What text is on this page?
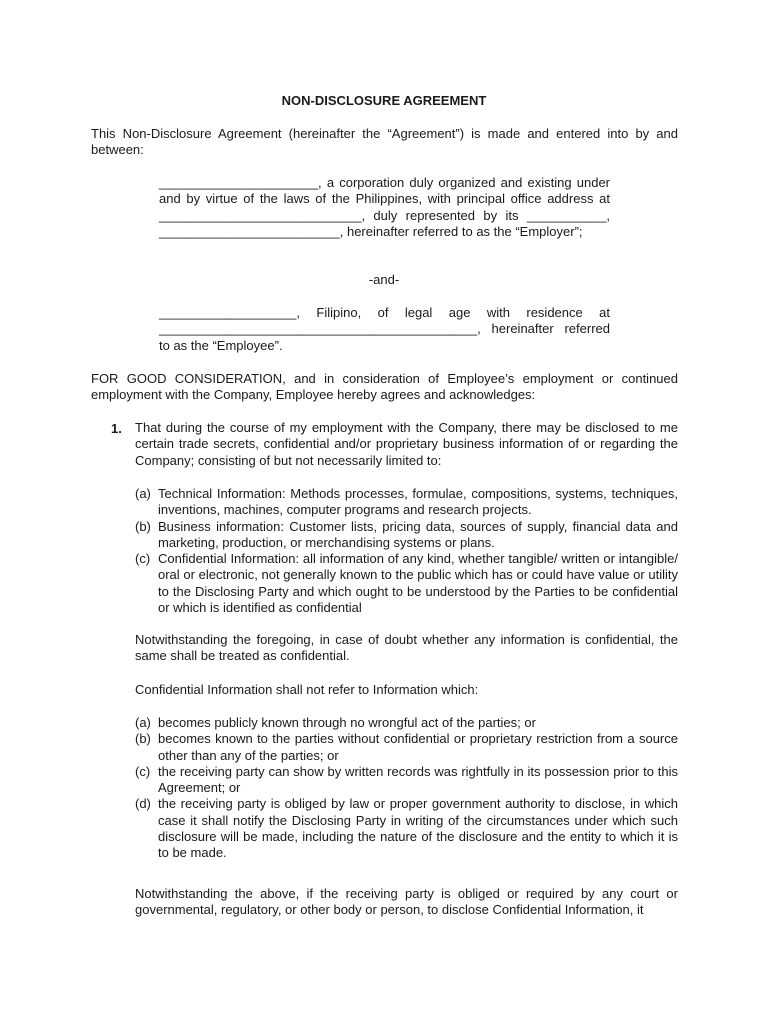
NON-DISCLOSURE AGREEMENT

This Non-Disclosure Agreement (hereinafter the “Agreement”) is made and entered into by and between:

______________________, a corporation duly organized and existing under and by virtue of the laws of the Philippines, with principal office address at ____________________________, duly represented by its ___________, _________________________, hereinafter referred to as the “Employer”;

-and-

___________________, Filipino, of legal age with residence at ____________________________________________, hereinafter referred to as the “Employee”.

FOR GOOD CONSIDERATION, and in consideration of Employee’s employment or continued employment with the Company, Employee hereby agrees and acknowledges:

1. That during the course of my employment with the Company, there may be disclosed to me certain trade secrets, confidential and/or proprietary business information of or regarding the Company; consisting of but not necessarily limited to:

(a) Technical Information: Methods processes, formulae, compositions, systems, techniques, inventions, machines, computer programs and research projects.
(b) Business information: Customer lists, pricing data, sources of supply, financial data and marketing, production, or merchandising systems or plans.
(c) Confidential Information: all information of any kind, whether tangible/ written or intangible/ oral or electronic, not generally known to the public which has or could have value or utility to the Disclosing Party and which ought to be understood by the Parties to be confidential or which is identified as confidential

Notwithstanding the foregoing, in case of doubt whether any information is confidential, the same shall be treated as confidential.

Confidential Information shall not refer to Information which:

(a) becomes publicly known through no wrongful act of the parties; or
(b) becomes known to the parties without confidential or proprietary restriction from a source other than any of the parties; or
(c) the receiving party can show by written records was rightfully in its possession prior to this Agreement; or
(d) the receiving party is obliged by law or proper government authority to disclose, in which case it shall notify the Disclosing Party in writing of the circumstances under which such disclosure will be made, including the nature of the disclosure and the entity to which it is to be made.

Notwithstanding the above, if the receiving party is obliged or required by any court or governmental, regulatory, or other body or person, to disclose Confidential Information, it
